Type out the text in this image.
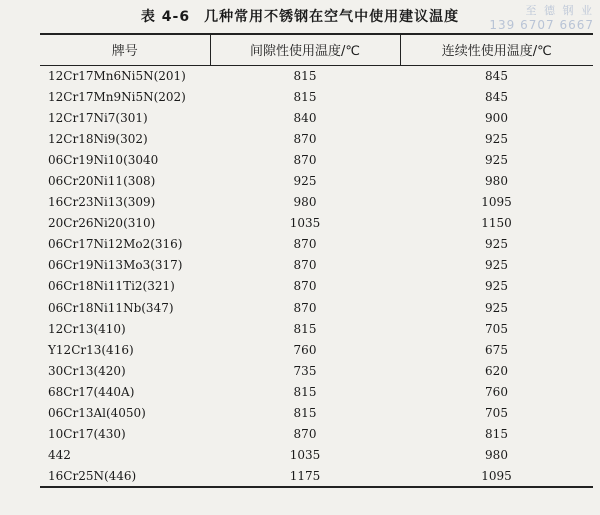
表 4-6 几种常用不锈钢在空气中使用建议温度	至 德 钢 业
139 6707 6667
牌号	间隙性使用温度/℃	连续性使用温度/℃
12Cr17Mn6Ni5N(201)	815	845
12Cr17Mn9Ni5N(202)	815	845
12Cr17Ni7(301)	840	900
12Cr18Ni9(302)	870	925
06Cr19Ni10(3040	870	925
06Cr20Ni11(308)	925	980
16Cr23Ni13(309)	980	1095
20Cr26Ni20(310)	1035	1150
06Cr17Ni12Mo2(316)	870	925
06Cr19Ni13Mo3(317)	870	925
06Cr18Ni11Ti2(321)	870	925
06Cr18Ni11Nb(347)	870	925
12Cr13(410)	815	705
Y12Cr13(416)	760	675
30Cr13(420)	735	620
68Cr17(440A)	815	760
06Cr13Al(4050)	815	705
10Cr17(430)	870	815
442	1035	980
16Cr25N(446)	1175	1095
